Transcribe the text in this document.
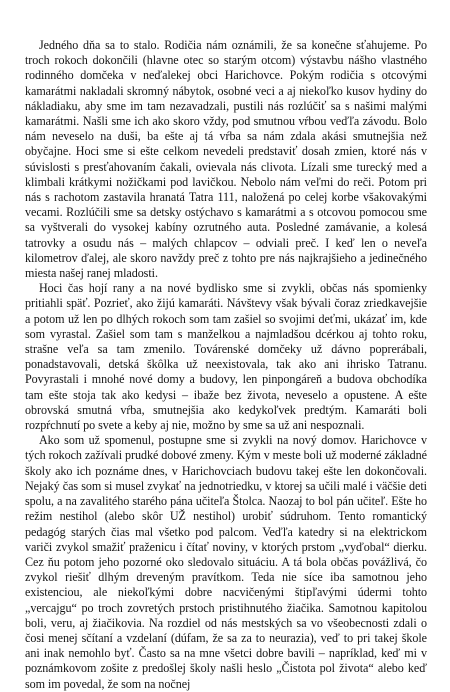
Jedného dňa sa to stalo. Rodičia nám oznámili, že sa konečne sťahujeme. Po troch rokoch dokončili (hlavne otec so starým otcom) výstavbu nášho vlastného rodinného domčeka v neďalekej obci Harichovce. Pokým rodičia s otcovými kamarátmi nakladali skromný nábytok, osobné veci a aj niekoľko kusov hydiny do nákladiaku, aby sme im tam nezavadzali, pustili nás rozlúčiť sa s našimi malými kamarátmi. Našli sme ich ako skoro vždy, pod smutnou vŕbou veďľa závodu. Bolo nám neveselo na duši, ba ešte aj tá vŕba sa nám zdala akási smutnejšia než obyčajne. Hoci sme si ešte celkom nevedeli predstaviť dosah zmien, ktoré nás v súvislosti s presťahovaním čakali, ovievala nás clivota. Lízali sme turecký med a klimbali krátkymi nožičkami pod lavičkou. Nebolo nám veľmi do reči. Potom pri nás s rachotom zastavila hranatá Tatra 111, naložená po celej korbe všakovakými vecami. Rozlúčili sme sa detsky ostýchavo s kamarátmi a s otcovou pomocou sme sa vyštverali do vysokej kabíny ozrutného auta. Posledné zamávanie, a kolesá tatrovky a osudu nás – malých chlapcov – odviali preč. I keď len o neveľa kilometrov ďalej, ale skoro navždy preč z tohto pre nás najkrajšieho a jedinečného miesta našej ranej mladosti.

Hoci čas hojí rany a na nové bydlisko sme si zvykli, občas nás spomienky pritiahli späť. Pozrieť, ako žijú kamaráti. Návštevy však bývali čoraz zriedkavejšie a potom už len po dlhých rokoch som tam zašiel so svojimi deťmi, ukázať im, kde som vyrastal. Zašiel som tam s manželkou a najmladšou dcérkou aj tohto roku, strašne veľa sa tam zmenilo. Továrenské domčeky už dávno poprerábali, ponadstavovali, detská škôlka už neexistovala, tak ako ani ihrisko Tatranu. Povyrastali i mnohé nové domy a budovy, len pinpongáreň a budova obchodíka tam ešte stoja tak ako kedysi – ibaže bez života, neveselo a opustene. A ešte obrovská smutná vŕba, smutnejšia ako kedykoľvek predtým. Kamaráti boli rozpŕchnutí po svete a keby aj nie, možno by sme sa už ani nespoznali.

Ako som už spomenul, postupne sme si zvykli na nový domov. Harichovce v tých rokoch zažívali prudké dobové zmeny. Kým v meste boli už moderné základné školy ako ich poznáme dnes, v Harichovciach budovu takej ešte len dokončovali. Nejaký čas som si musel zvykať na jednotriedku, v ktorej sa učili malé i väčšie deti spolu, a na zavalitého starého pána učiteľa Štolca. Naozaj to bol pán učiteľ. Ešte ho režim nestihol (alebo skôr UŽ nestihol) urobiť súdruhom. Tento romantický pedagóg starých čias mal všetko pod palcom. Veďľa katedry si na elektrickom variči zvykol smažiť praženicu i čítať noviny, v ktorých prstom „vyďobal“ dierku. Cez ňu potom jeho pozorné oko sledovalo situáciu. A tá bola občas povážlivá, čo zvykol riešiť dlhým dreveným pravítkom. Teda nie síce iba samotnou jeho existenciou, ale niekoľkými dobre nacvičenými štipľavými údermi tohto „vercajgu“ po troch zovretých prstoch pristihnutého žiačika. Samotnou kapitolou boli, veru, aj žiačikovia. Na rozdiel od nás mestských sa vo všeobecnosti zdali o čosi menej sčítaní a vzdelaní (dúfam, že sa za to neurazia), veď to pri takej škole ani inak nemohlo byť. Často sa na mne všetci dobre bavili – napríklad, keď mi v poznámkovom zošite z predošlej školy našli heslo „Čistota pol života“ alebo keď som im povedal, že som na nočnej
